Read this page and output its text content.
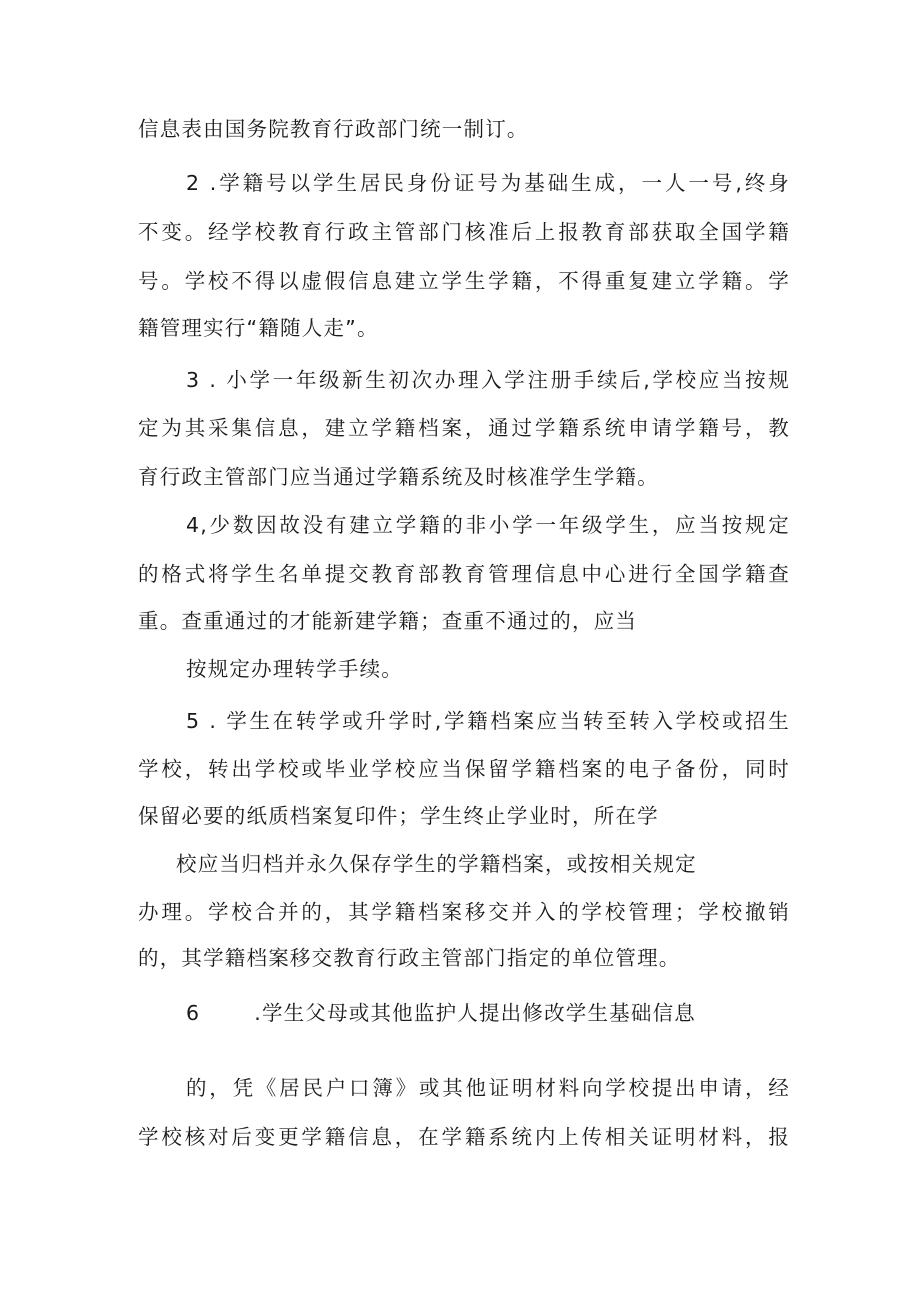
信息表由国务院教育行政部门统一制订。
2 .学籍号以学生居民身份证号为基础生成，一人一号,终身
不变。经学校教育行政主管部门核准后上报教育部获取全国学籍
号。学校不得以虚假信息建立学生学籍，不得重复建立学籍。学
籍管理实行“籍随人走”。
3 . 小学一年级新生初次办理入学注册手续后,学校应当按规
定为其采集信息，建立学籍档案，通过学籍系统申请学籍号，教
育行政主管部门应当通过学籍系统及时核准学生学籍。
4,少数因故没有建立学籍的非小学一年级学生，应当按规定
的格式将学生名单提交教育部教育管理信息中心进行全国学籍查
重。查重通过的才能新建学籍；查重不通过的，应当
按规定办理转学手续。
5 . 学生在转学或升学时,学籍档案应当转至转入学校或招生
学校，转出学校或毕业学校应当保留学籍档案的电子备份，同时
保留必要的纸质档案复印件；学生终止学业时，所在学
校应当归档并永久保存学生的学籍档案，或按相关规定
办理。学校合并的，其学籍档案移交并入的学校管理；学校撤销
的，其学籍档案移交教育行政主管部门指定的单位管理。
6       .学生父母或其他监护人提出修改学生基础信息
的，凭《居民户口簿》或其他证明材料向学校提出申请，经
学校核对后变更学籍信息，在学籍系统内上传相关证明材料，报
